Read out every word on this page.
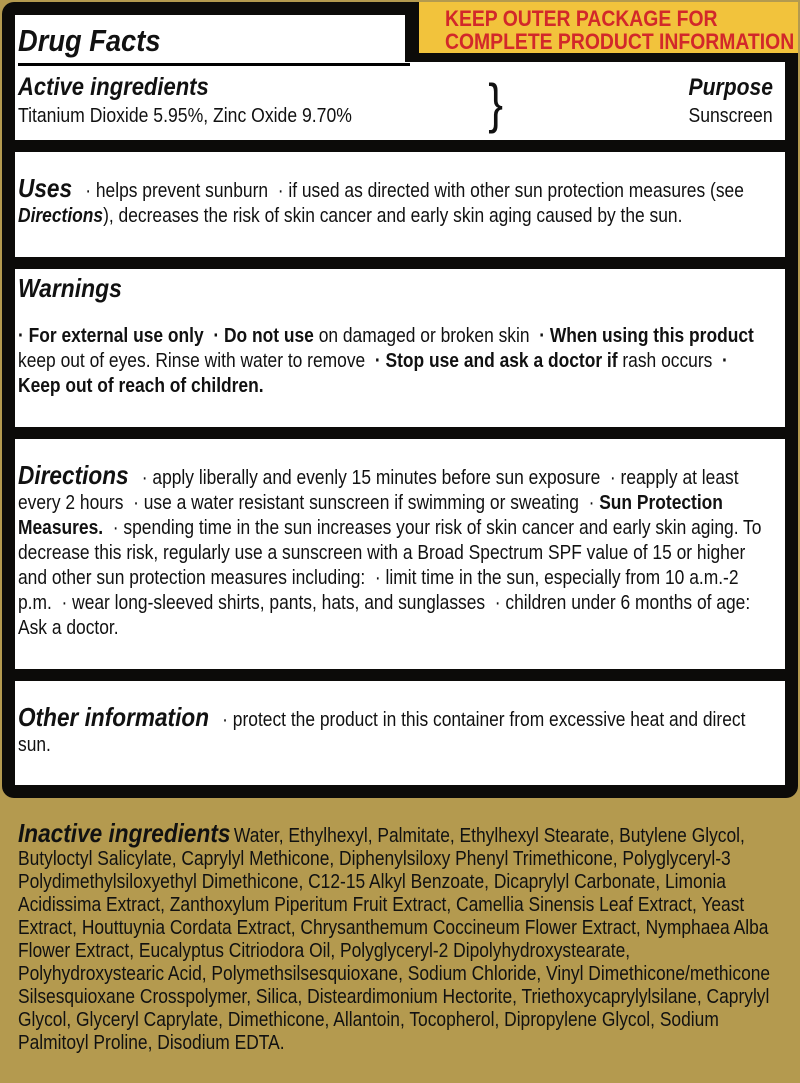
Drug Facts
Active ingredients	Purpose
Titanium Dioxide 5.95%, Zinc Oxide 9.70%	Sunscreen
}

Uses  · helps prevent sunburn  · if used as directed with other sun protection measures (see Directions), decreases the risk of skin cancer and early skin aging caused by the sun.

Warnings

· For external use only · Do not use on damaged or broken skin  · When using this product keep out of eyes. Rinse with water to remove  · Stop use and ask a doctor if rash occurs  · Keep out of reach of children.

Directions  · apply liberally and evenly 15 minutes before sun exposure  · reapply at least every 2 hours  · use a water resistant sunscreen if swimming or sweating  · Sun Protection Measures.  · spending time in the sun increases your risk of skin cancer and early skin aging. To decrease this risk, regularly use a sunscreen with a Broad Spectrum SPF value of 15 or higher and other sun protection measures including:  · limit time in the sun, especially from 10 a.m.-2 p.m.  · wear long-sleeved shirts, pants, hats, and sunglasses  · children under 6 months of age: Ask a doctor.

Other information  · protect the product in this container from excessive heat and direct sun.

Inactive ingredients Water, Ethylhexyl, Palmitate, Ethylhexyl Stearate, Butylene Glycol, Butyloctyl Salicylate, Caprylyl Methicone, Diphenylsiloxy Phenyl Trimethicone, Polyglyceryl-3 Polydimethylsiloxyethyl Dimethicone, C12-15 Alkyl Benzoate, Dicaprylyl Carbonate, Limonia Acidissima Extract, Zanthoxylum Piperitum Fruit Extract, Camellia Sinensis Leaf Extract, Yeast Extract, Houttuynia Cordata Extract, Chrysanthemum Coccineum Flower Extract, Nymphaea Alba Flower Extract, Eucalyptus Citriodora Oil, Polyglyceryl-2 Dipolyhydroxystearate, Polyhydroxystearic Acid, Polymethsilsesquioxane, Sodium Chloride, Vinyl Dimethicone/methicone Silsesquioxane Crosspolymer, Silica, Disteardimonium Hectorite, Triethoxycaprylylsilane, Caprylyl Glycol, Glyceryl Caprylate, Dimethicone, Allantoin, Tocopherol, Dipropylene Glycol, Sodium Palmitoyl Proline, Disodium EDTA.

KEEP OUTER PACKAGE FOR
COMPLETE PRODUCT INFORMATION
